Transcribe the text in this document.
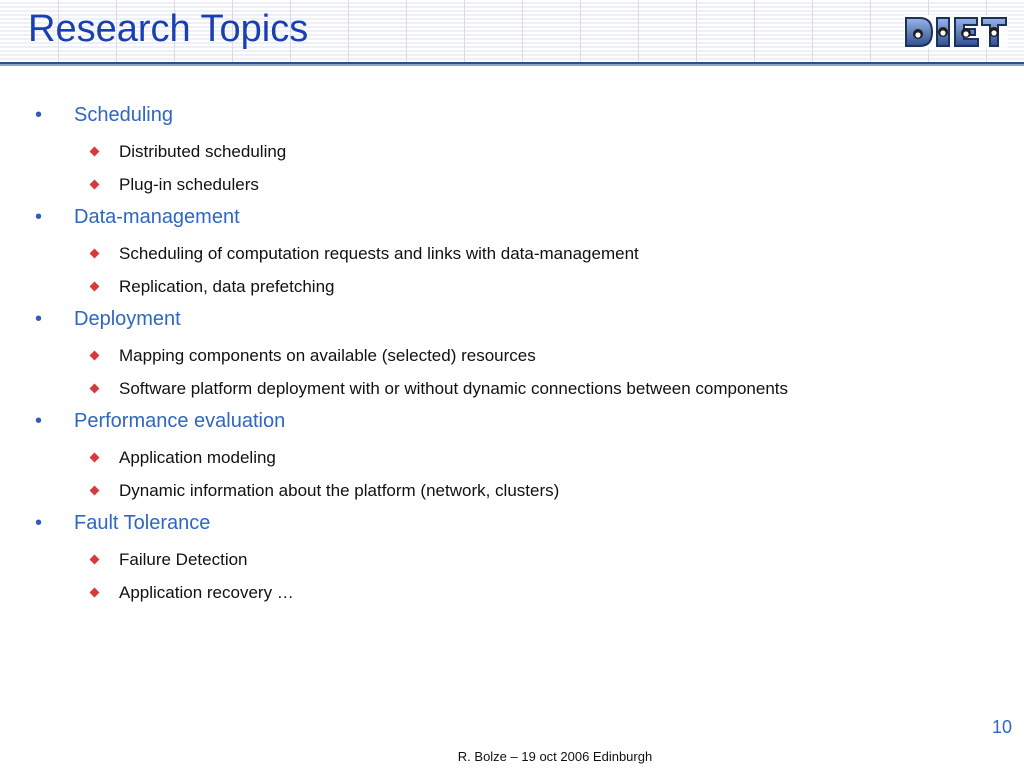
Research Topics
• Scheduling
Distributed scheduling
Plug-in schedulers
• Data-management
Scheduling of computation requests and links with data-management
Replication, data prefetching
• Deployment
Mapping components on available (selected) resources
Software platform deployment with or without dynamic connections between components
• Performance evaluation
Application modeling
Dynamic information about the platform (network, clusters)
• Fault Tolerance
Failure Detection
Application recovery …
10
R. Bolze – 19 oct 2006 Edinburgh
